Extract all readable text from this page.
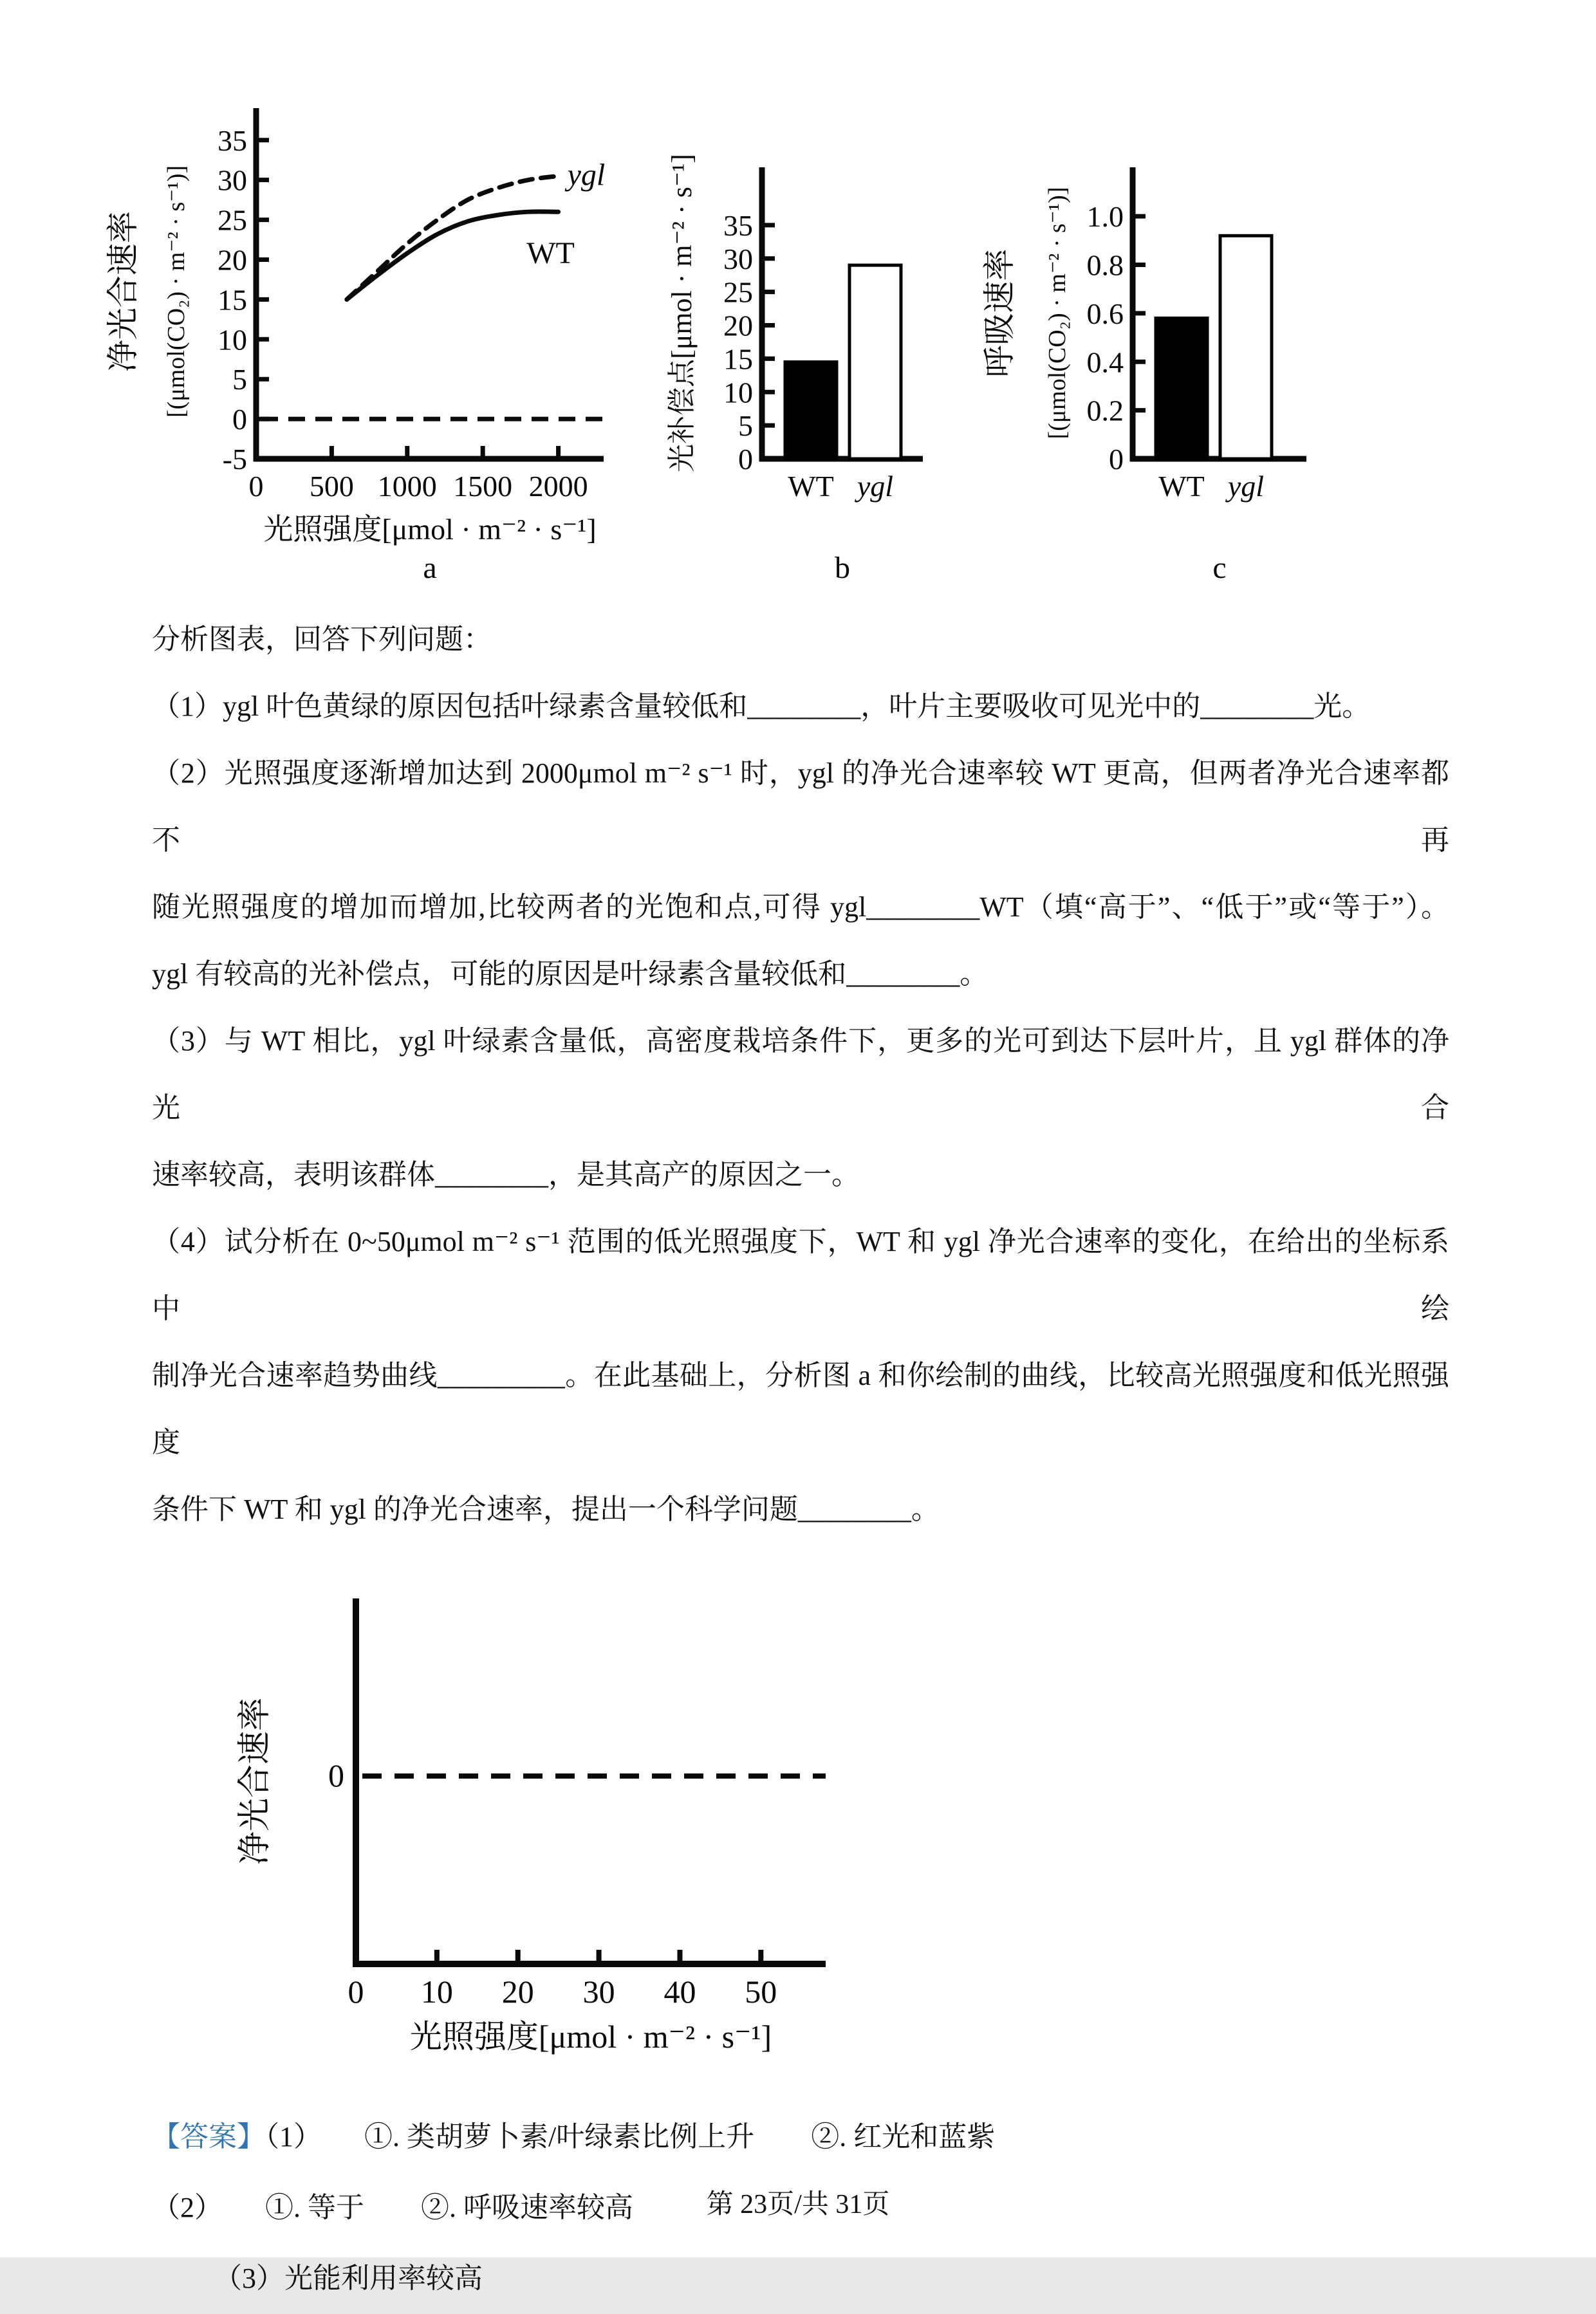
-5
0
5
10
15
20
25
30
35
0 500 1000 1500 2000
ygl
WT
净光合速率 [(μmol(CO₂) · m⁻² · s⁻¹)]
光照强度[μmol · m⁻² · s⁻¹]
a
0
5
10
15
20
25
30
35
WT ygl
光补偿点[μmol · m⁻² · s⁻¹]
b
0
0.2
0.4
0.6
0.8
1.0
WT ygl
呼吸速率 [(μmol(CO₂) · m⁻² · s⁻¹)]
c
分析图表，回答下列问题：
（1）ygl 叶色黄绿的原因包括叶绿素含量较低和________，叶片主要吸收可见光中的________光。
（2）光照强度逐渐增加达到 2000μmol m⁻² s⁻¹ 时，ygl 的净光合速率较 WT 更高，但两者净光合速率都不再
随光照强度的增加而增加,比较两者的光饱和点,可得 ygl________WT（填“高于”、“低于”或“等于”）。
ygl 有较高的光补偿点，可能的原因是叶绿素含量较低和________。
（3）与 WT 相比，ygl 叶绿素含量低，高密度栽培条件下，更多的光可到达下层叶片，且 ygl 群体的净光合
速率较高，表明该群体________，是其高产的原因之一。
（4）试分析在 0~50μmol m⁻² s⁻¹ 范围的低光照强度下，WT 和 ygl 净光合速率的变化，在给出的坐标系中绘
制净光合速率趋势曲线_________。在此基础上，分析图 a 和你绘制的曲线，比较高光照强度和低光照强度
条件下 WT 和 ygl 的净光合速率，提出一个科学问题________。
0
0 10 20 30 40 50
光照强度[μmol · m⁻² · s⁻¹]
净光合速率
【答案】（1）　　①. 类胡萝卜素/叶绿素比例上升　　②. 红光和蓝紫
（2）　　①. 等于　　②. 呼吸速率较高
（3）光能利用率较高
第 23页/共 31页
